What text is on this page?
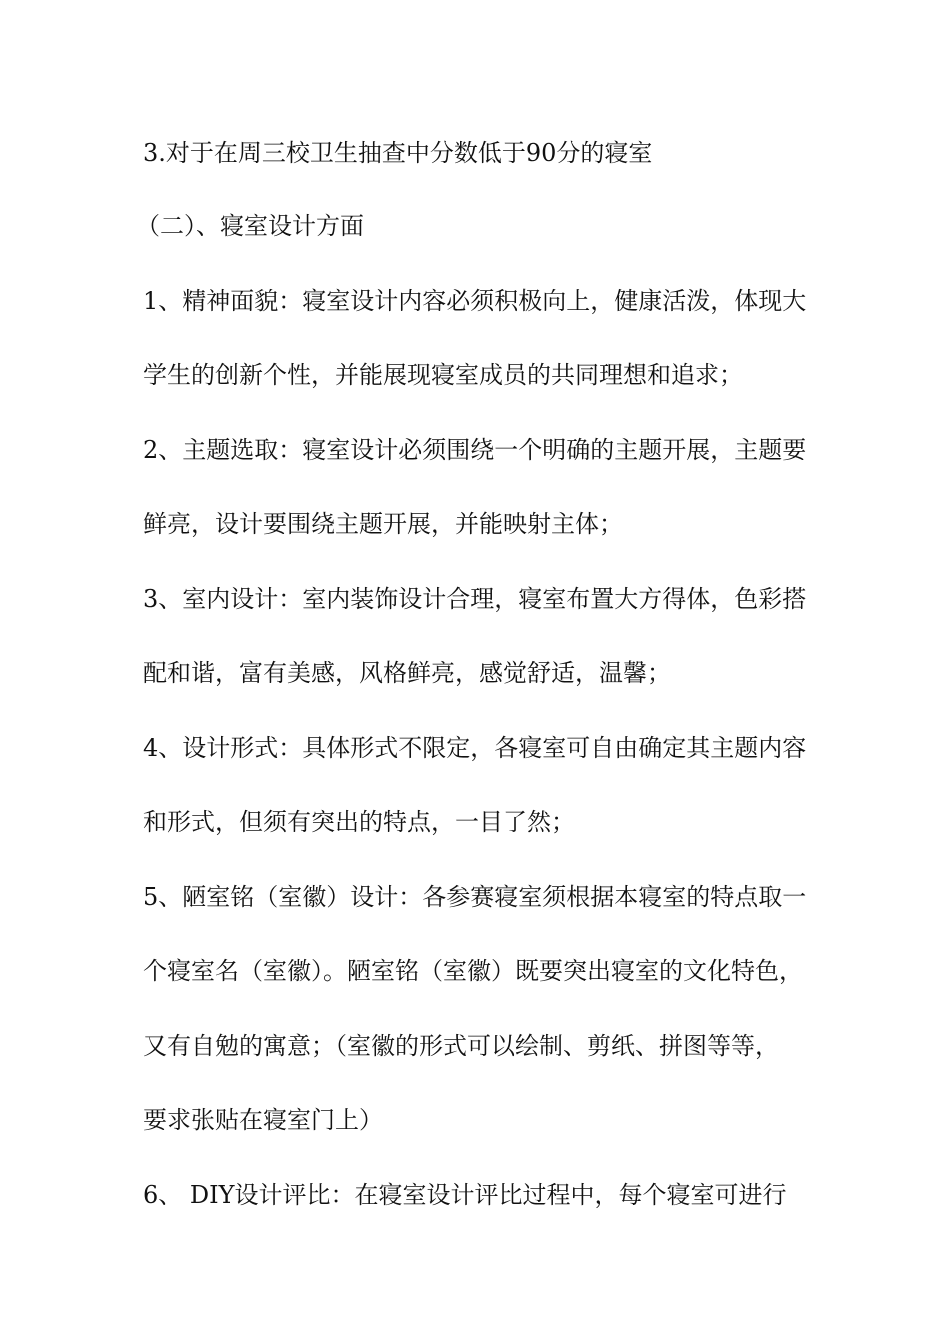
3.对于在周三校卫生抽查中分数低于90分的寝室

（二）、寝室设计方面

1、精神面貌：寝室设计内容必须积极向上，健康活泼，体现大

学生的创新个性，并能展现寝室成员的共同理想和追求；

2、主题选取：寝室设计必须围绕一个明确的主题开展，主题要

鲜亮，设计要围绕主题开展，并能映射主体；

3、室内设计：室内装饰设计合理，寝室布置大方得体，色彩搭

配和谐，富有美感，风格鲜亮，感觉舒适，温馨；

4、设计形式：具体形式不限定，各寝室可自由确定其主题内容

和形式，但须有突出的特点，一目了然；

5、陋室铭（室徽）设计：各参赛寝室须根据本寝室的特点取一

个寝室名（室徽）。陋室铭（室徽）既要突出寝室的文化特色，

又有自勉的寓意；（室徽的形式可以绘制、剪纸、拼图等等，

要求张贴在寝室门上）

6、 DIY设计评比：在寝室设计评比过程中，每个寝室可进行
